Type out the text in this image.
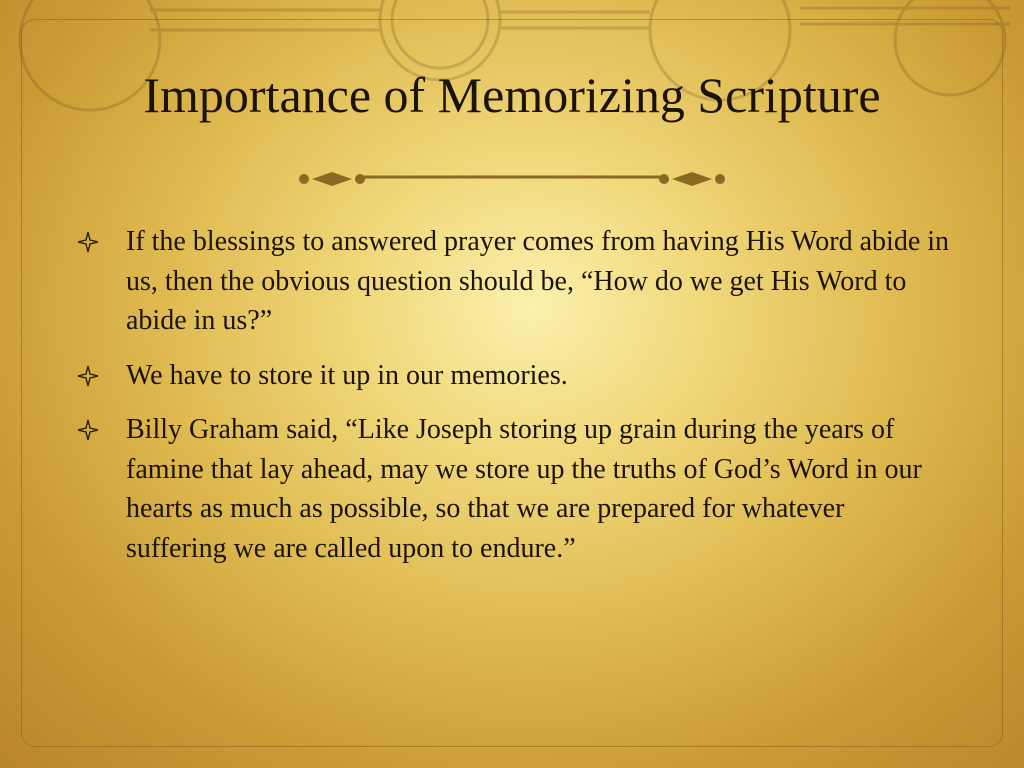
Importance of Memorizing Scripture
If the blessings to answered prayer comes from having His Word abide in us, then the obvious question should be, “How do we get His Word to abide in us?”
We have to store it up in our memories.
Billy Graham said, “Like Joseph storing up grain during the years of famine that lay ahead, may we store up the truths of God’s Word in our hearts as much as possible, so that we are prepared for whatever suffering we are called upon to endure.”
